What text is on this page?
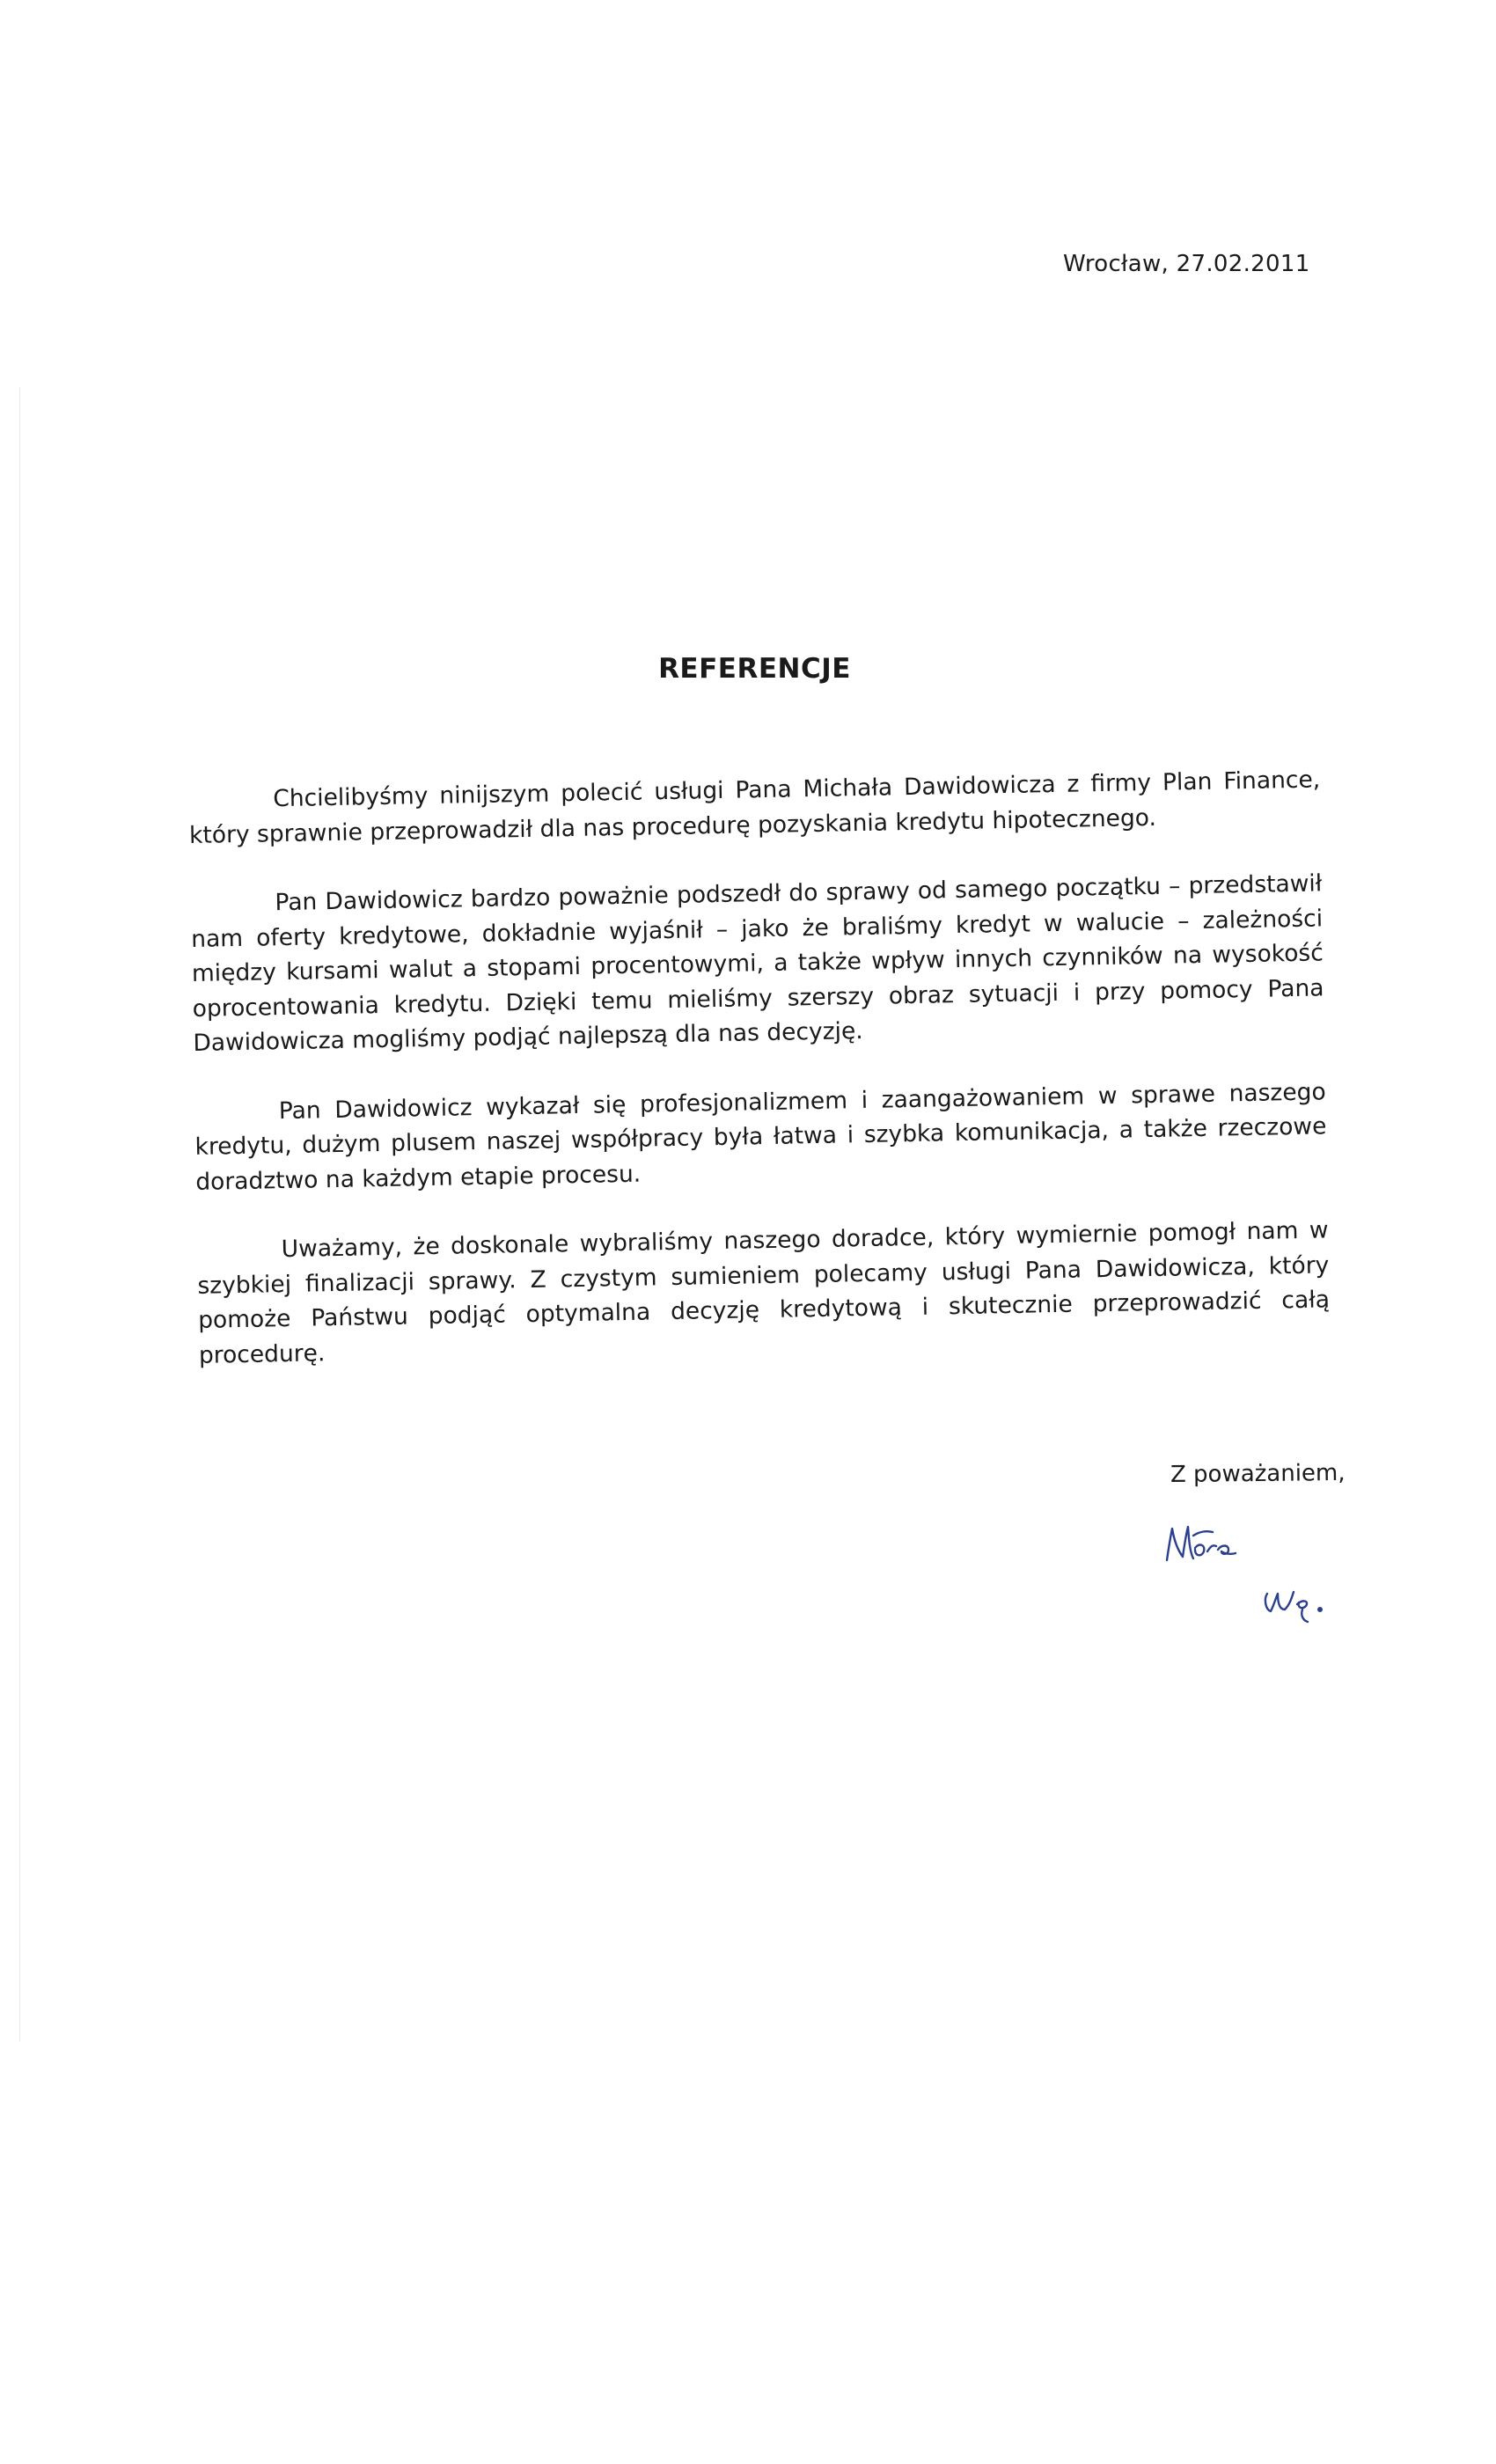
Wrocław, 27.02.2011
REFERENCJE

Chcielibyśmy ninijszym polecić usługi Pana Michała Dawidowicza z firmy Plan Finance, który sprawnie przeprowadził dla nas procedurę pozyskania kredytu hipotecznego.

Pan Dawidowicz bardzo poważnie podszedł do sprawy od samego początku – przedstawił nam oferty kredytowe, dokładnie wyjaśnił – jako że braliśmy kredyt w walucie – zależności między kursami walut a stopami procentowymi, a także wpływ innych czynników na wysokość oprocentowania kredytu. Dzięki temu mieliśmy szerszy obraz sytuacji i przy pomocy Pana Dawidowicza mogliśmy podjąć najlepszą dla nas decyzję.

Pan Dawidowicz wykazał się profesjonalizmem i zaangażowaniem w sprawe naszego kredytu, dużym plusem naszej współpracy była łatwa i szybka komunikacja, a także rzeczowe doradztwo na każdym etapie procesu.

Uważamy, że doskonale wybraliśmy naszego doradce, który wymiernie pomogł nam w szybkiej finalizacji sprawy. Z czystym sumieniem polecamy usługi Pana Dawidowicza, który pomoże Państwu podjąć optymalna decyzję kredytową i skutecznie przeprowadzić całą procedurę.

Z poważaniem,
